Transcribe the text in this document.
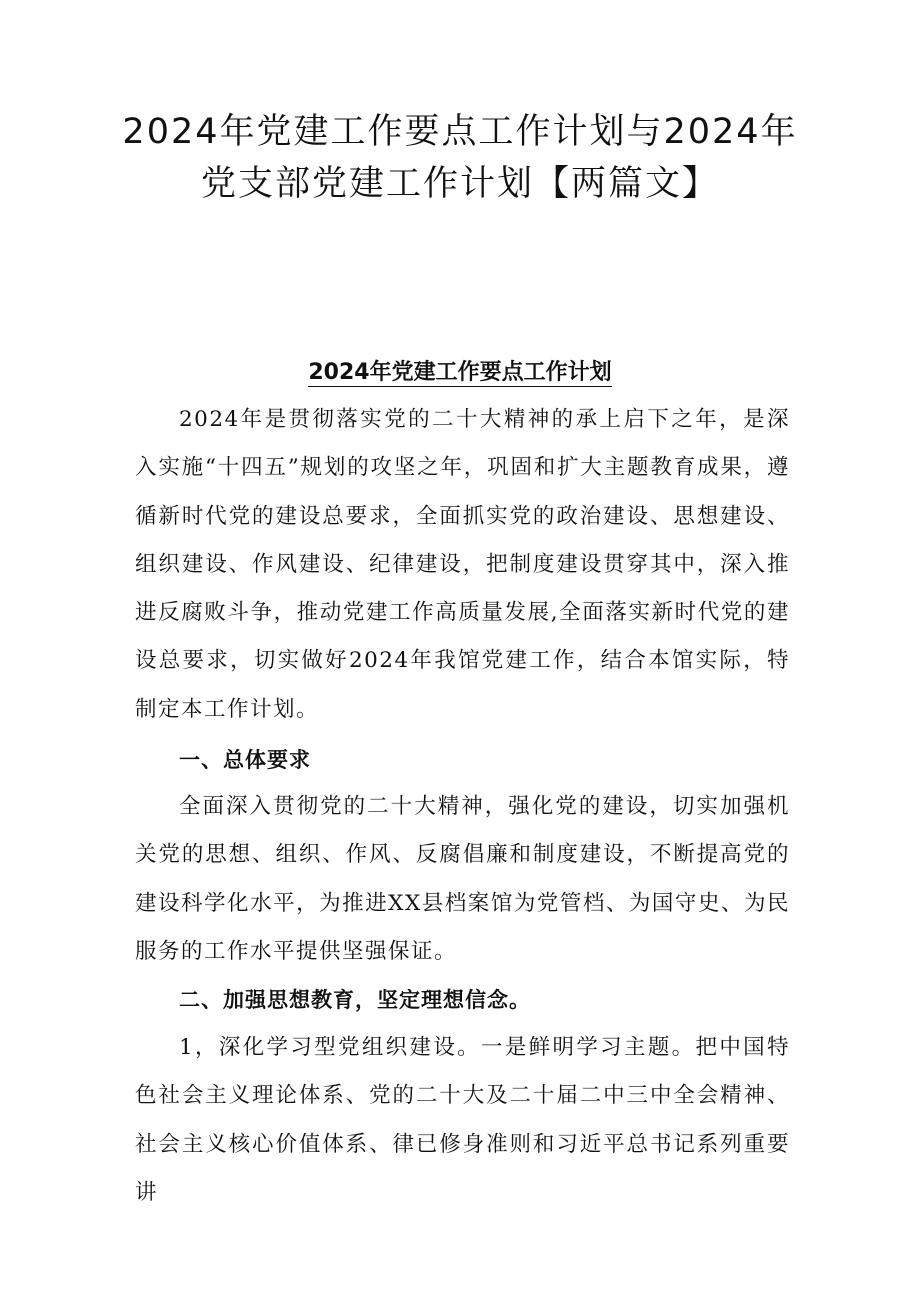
2024年党建工作要点工作计划与2024年党支部党建工作计划【两篇文】
2024年党建工作要点工作计划

2024年是贯彻落实党的二十大精神的承上启下之年，是深入实施“十四五”规划的攻坚之年，巩固和扩大主题教育成果，遵循新时代党的建设总要求，全面抓实党的政治建设、思想建设、组织建设、作风建设、纪律建设，把制度建设贯穿其中，深入推进反腐败斗争，推动党建工作高质量发展,全面落实新时代党的建设总要求，切实做好2024年我馆党建工作，结合本馆实际，特制定本工作计划。

一、总体要求

全面深入贯彻党的二十大精神，强化党的建设，切实加强机关党的思想、组织、作风、反腐倡廉和制度建设，不断提高党的建设科学化水平，为推进XX县档案馆为党管档、为国守史、为民服务的工作水平提供坚强保证。

二、加强思想教育，坚定理想信念。

1，深化学习型党组织建设。一是鲜明学习主题。把中国特色社会主义理论体系、党的二十大及二十届二中三中全会精神、社会主义核心价值体系、律已修身准则和习近平总书记系列重要讲
